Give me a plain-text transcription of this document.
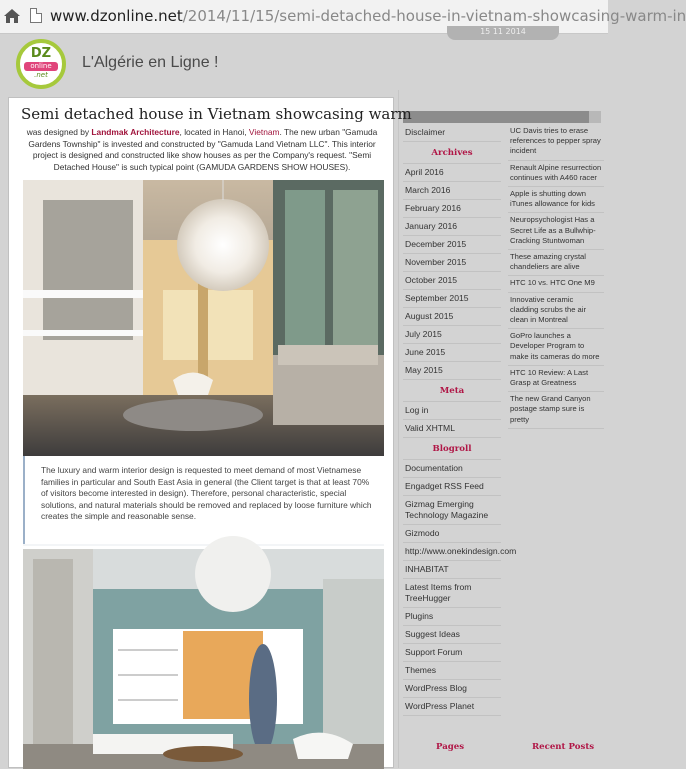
www.dzonline.net/2014/11/15/semi-detached-house-in-vietnam-showcasing-warm-in
15 11 2014
DZ
online
.net
L'Algérie en Ligne !
Semi detached house in Vietnam showcasing warm
was designed by Landmak Architecture, located in Hanoi, Vietnam. The new urban "Gamuda Gardens Township" is invested and constructed by "Gamuda Land Vietnam LLC". This interior project is designed and constructed like show houses as per the Company's request. "Semi Detached House" is such typical point (GAMUDA GARDENS SHOW HOUSES).
The luxury and warm interior design is requested to meet demand of most Vietnamese families in particular and South East Asia in general (the Client target is that at least 70% of visitors become interested in design). Therefore, personal characteristic, special solutions, and natural materials should be removed and replaced by loose furniture which creates the simple and reasonable sense.
Disclaimer
Archives
April 2016
March 2016
February 2016
January 2016
December 2015
November 2015
October 2015
September 2015
August 2015
July 2015
June 2015
May 2015
Meta
Log in
Valid XHTML
Blogroll
Documentation
Engadget RSS Feed
Gizmag Emerging Technology Magazine
Gizmodo
http://www.onekindesign.com
INHABITAT
Latest Items from TreeHugger
Plugins
Suggest Ideas
Support Forum
Themes
WordPress Blog
WordPress Planet
UC Davis tries to erase references to pepper spray incident
Renault Alpine resurrection continues with A460 racer
Apple is shutting down iTunes allowance for kids
Neuropsychologist Has a Secret Life as a Bullwhip-Cracking Stuntwoman
These amazing crystal chandeliers are alive
HTC 10 vs. HTC One M9
Innovative ceramic cladding scrubs the air clean in Montreal
GoPro launches a Developer Program to make its cameras do more
HTC 10 Review: A Last Grasp at Greatness
The new Grand Canyon postage stamp sure is pretty
Pages	Recent Posts
